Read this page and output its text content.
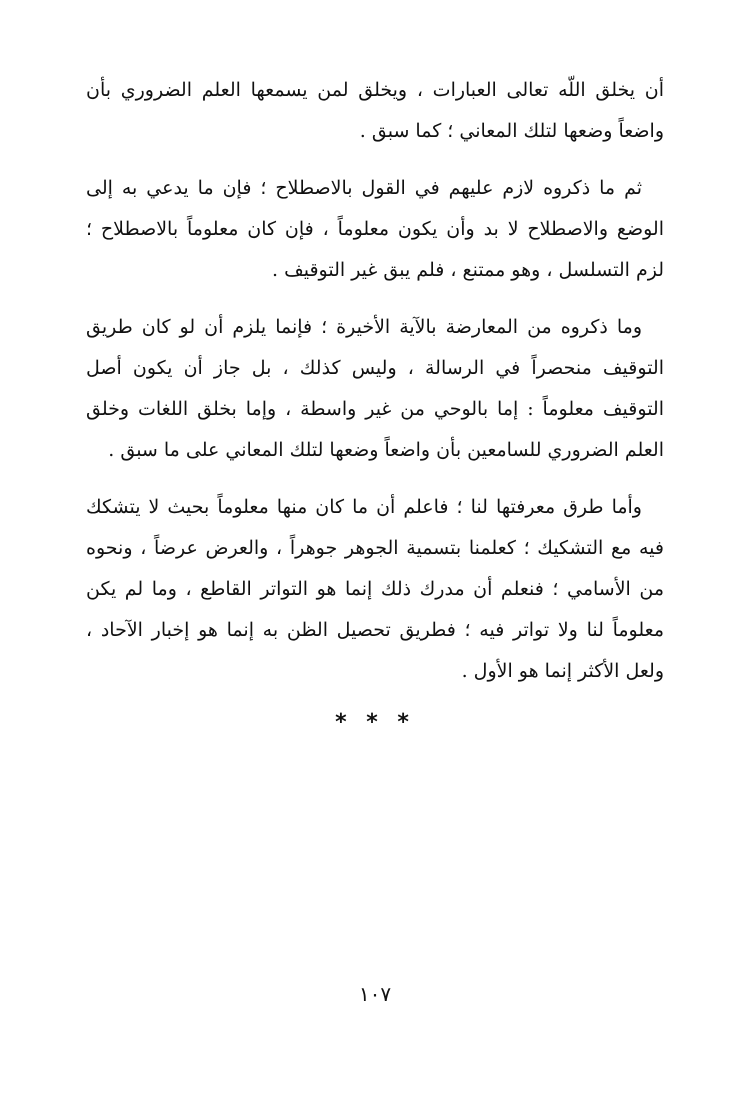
أن يخلق اللّه تعالى العبارات ، ويخلق لمن يسمعها العلم الضروري بأن واضعاً وضعها لتلك المعاني ؛ كما سبق .

ثم ما ذكروه لازم عليهم في القول بالاصطلاح ؛ فإن ما يدعي به إلى الوضع والاصطلاح لا بد وأن يكون معلوماً ، فإن كان معلوماً بالاصطلاح ؛ لزم التسلسل ، وهو ممتنع ، فلم يبق غير التوقيف .

وما ذكروه من المعارضة بالآية الأخيرة ؛ فإنما يلزم أن لو كان طريق التوقيف منحصراً في الرسالة ، وليس كذلك ، بل جاز أن يكون أصل التوقيف معلوماً : إما بالوحي من غير واسطة ، وإما بخلق اللغات وخلق العلم الضروري للسامعين بأن واضعاً وضعها لتلك المعاني على ما سبق .

وأما طرق معرفتها لنا ؛ فاعلم أن ما كان منها معلوماً بحيث لا يتشكك فيه مع التشكيك ؛ كعلمنا بتسمية الجوهر جوهراً ، والعرض عرضاً ، ونحوه من الأسامي ؛ فنعلم أن مدرك ذلك إنما هو التواتر القاطع ، وما لم يكن معلوماً لنا ولا تواتر فيه ؛ فطريق تحصيل الظن به إنما هو إخبار الآحاد ، ولعل الأكثر إنما هو الأول .

* * *
١٠٧
